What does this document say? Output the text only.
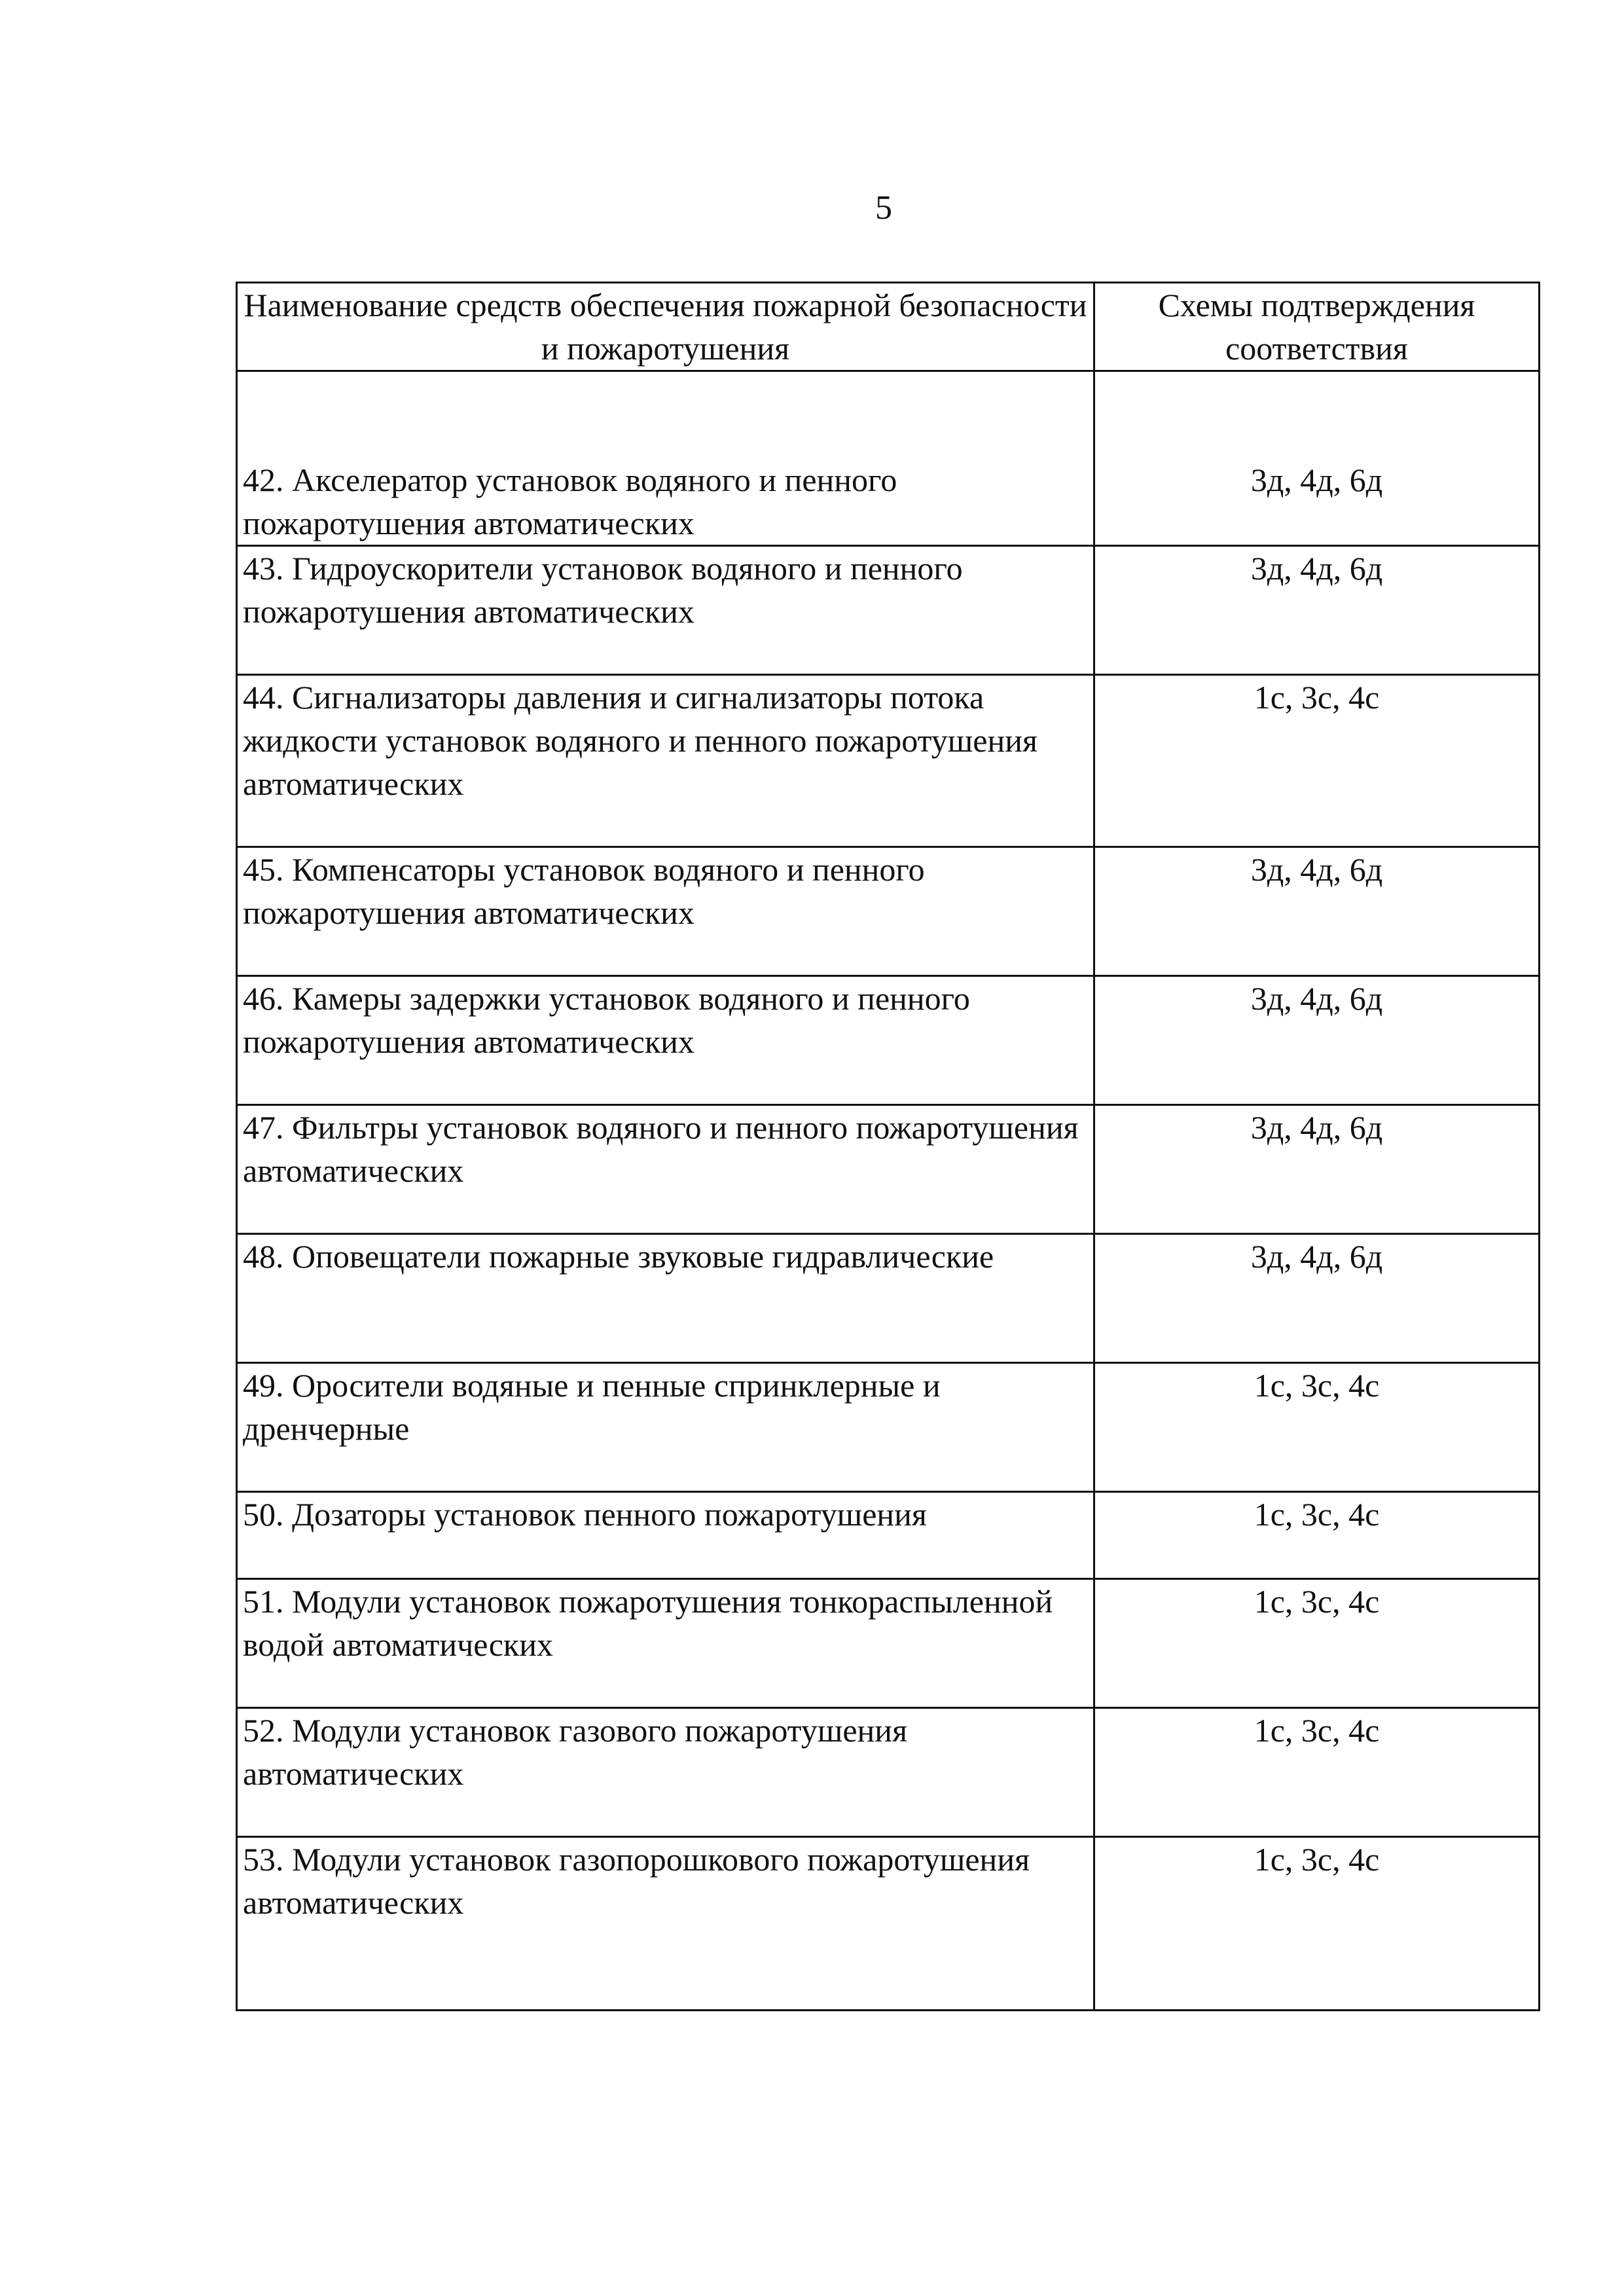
5
Наименование средств обеспечения пожарной безопасности и пожаротушения	Схемы подтверждения соответствия

42. Акселератор установок водяного и пенного пожаротушения автоматических	3д, 4д, 6д

43. Гидроускорители установок водяного и пенного пожаротушения автоматических	3д, 4д, 6д

44. Сигнализаторы давления и сигнализаторы потока жидкости установок водяного и пенного пожаротушения автоматических	1с, 3с, 4с

45. Компенсаторы установок водяного и пенного пожаротушения автоматических	3д, 4д, 6д

46. Камеры задержки установок водяного и пенного пожаротушения автоматических	3д, 4д, 6д

47. Фильтры установок водяного и пенного пожаротушения автоматических	3д, 4д, 6д

48. Оповещатели пожарные звуковые гидравлические	3д, 4д, 6д

49. Оросители водяные и пенные спринклерные и дренчерные	1с, 3с, 4с

50. Дозаторы установок пенного пожаротушения	1с, 3с, 4с

51. Модули установок пожаротушения тонкораспыленной водой автоматических	1с, 3с, 4с

52. Модули установок газового пожаротушения автоматических	1с, 3с, 4с

53. Модули установок газопорошкового пожаротушения автоматических	1с, 3с, 4с
